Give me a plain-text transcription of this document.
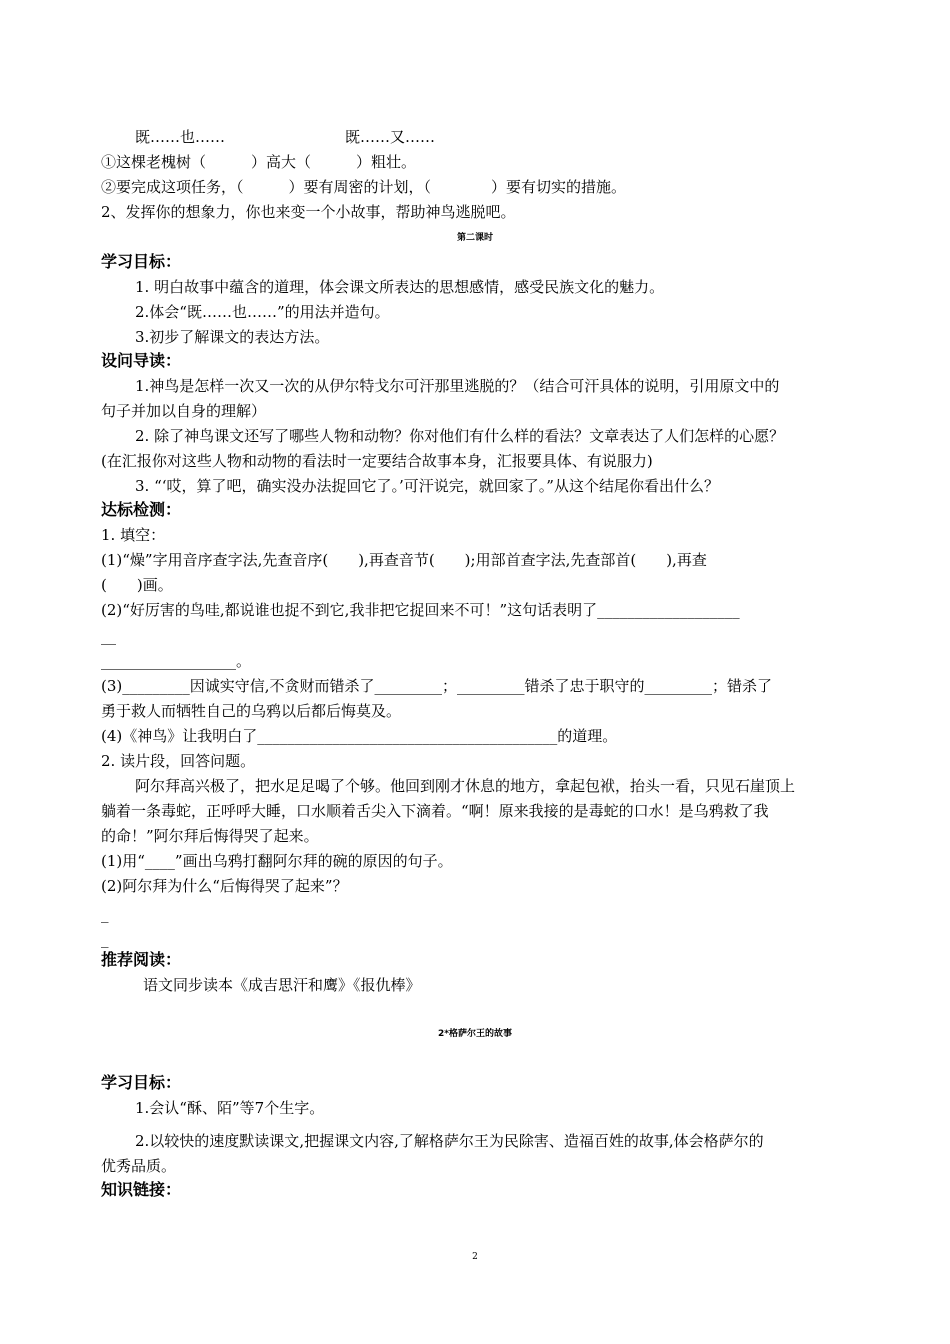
既……也……	既……又……
①这棵老槐树（　　　）高大（　　　）粗壮。
②要完成这项任务，（　　　）要有周密的计划，（　　　　）要有切实的措施。
2、发挥你的想象力，你也来变一个小故事，帮助神鸟逃脱吧。
第二课时
学习目标：
1. 明白故事中蕴含的道理，体会课文所表达的思想感情，感受民族文化的魅力。
2.体会“既……也……”的用法并造句。
3.初步了解课文的表达方法。
设问导读：
1.神鸟是怎样一次又一次的从伊尔特戈尔可汗那里逃脱的？（结合可汗具体的说明，引用原文中的
句子并加以自身的理解）
2. 除了神鸟课文还写了哪些人物和动物？你对他们有什么样的看法？文章表达了人们怎样的心愿？
(在汇报你对这些人物和动物的看法时一定要结合故事本身，汇报要具体、有说服力)
3. “‘哎，算了吧，确实没办法捉回它了。’可汗说完，就回家了。”从这个结尾你看出什么？
达标检测：
1. 填空：
(1)“燥”字用音序查字法,先查音序(　　),再查音节(　　);用部首查字法,先查部首(　　),再查
(　　)画。
(2)“好厉害的鸟哇,都说谁也捉不到它,我非把它捉回来不可！”这句话表明了___________________
__
__________________。
(3)_________因诚实守信,不贪财而错杀了_________；_________错杀了忠于职守的_________；错杀了
勇于救人而牺牲自己的乌鸦以后都后悔莫及。
(4)《神鸟》让我明白了________________________________________的道理。
2. 读片段，回答问题。
阿尔拜高兴极了，把水足足喝了个够。他回到刚才休息的地方，拿起包袱，抬头一看，只见石崖顶上
躺着一条毒蛇，正呼呼大睡，口水顺着舌尖入下滴着。“啊！原来我接的是毒蛇的口水！是乌鸦救了我
的命！”阿尔拜后悔得哭了起来。
(1)用“____”画出乌鸦打翻阿尔拜的碗的原因的句子。
(2)阿尔拜为什么“后悔得哭了起来”？
_
_
推荐阅读：
语文同步读本《成吉思汗和鹰》《报仇棒》
2*格萨尔王的故事
学习目标：
1.会认“酥、陌”等7个生字。
2.以较快的速度默读课文,把握课文内容,了解格萨尔王为民除害、造福百姓的故事,体会格萨尔的
优秀品质。
知识链接：
2
